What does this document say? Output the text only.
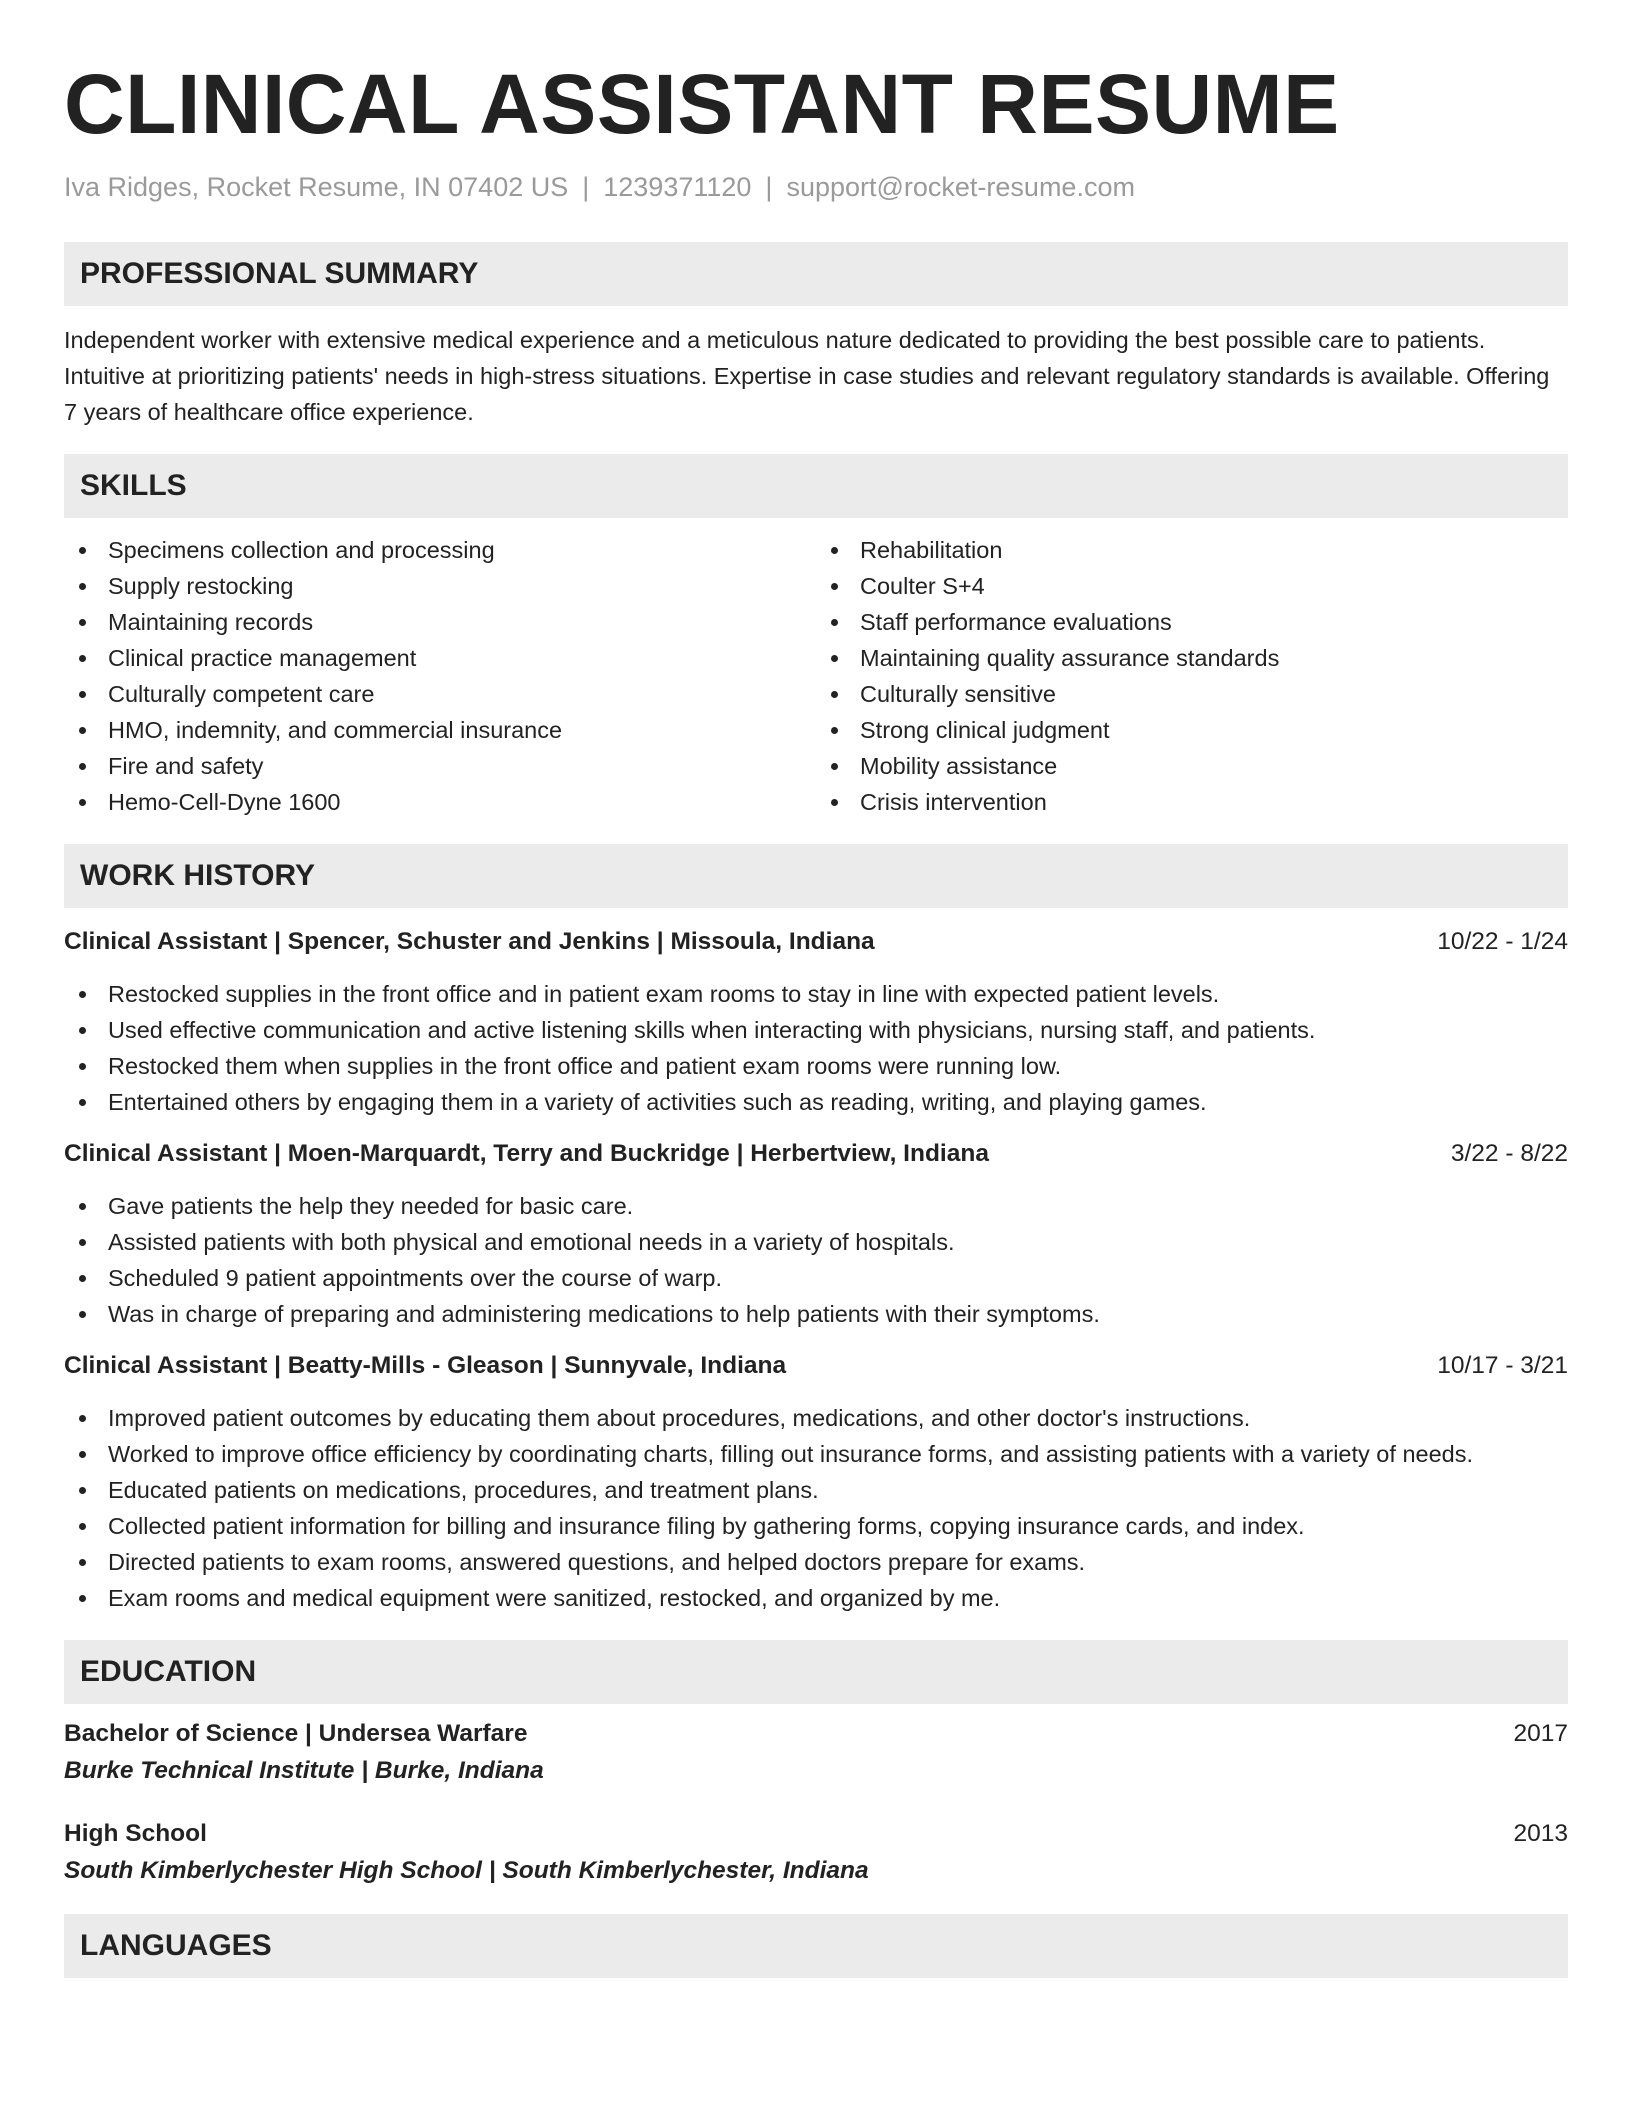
CLINICAL ASSISTANT RESUME
Iva Ridges, Rocket Resume, IN 07402 US | 1239371120 | support@rocket-resume.com
PROFESSIONAL SUMMARY

Independent worker with extensive medical experience and a meticulous nature dedicated to providing the best possible care to patients. Intuitive at prioritizing patients' needs in high-stress situations. Expertise in case studies and relevant regulatory standards is available. Offering 7 years of healthcare office experience.

SKILLS
Specimens collection and processing
Supply restocking
Maintaining records
Clinical practice management
Culturally competent care
HMO, indemnity, and commercial insurance
Fire and safety
Hemo-Cell-Dyne 1600
Rehabilitation
Coulter S+4
Staff performance evaluations
Maintaining quality assurance standards
Culturally sensitive
Strong clinical judgment
Mobility assistance
Crisis intervention
WORK HISTORY
Clinical Assistant | Spencer, Schuster and Jenkins | Missoula, Indiana	10/22 - 1/24
Restocked supplies in the front office and in patient exam rooms to stay in line with expected patient levels.
Used effective communication and active listening skills when interacting with physicians, nursing staff, and patients.
Restocked them when supplies in the front office and patient exam rooms were running low.
Entertained others by engaging them in a variety of activities such as reading, writing, and playing games.
Clinical Assistant | Moen-Marquardt, Terry and Buckridge | Herbertview, Indiana	3/22 - 8/22
Gave patients the help they needed for basic care.
Assisted patients with both physical and emotional needs in a variety of hospitals.
Scheduled 9 patient appointments over the course of warp.
Was in charge of preparing and administering medications to help patients with their symptoms.
Clinical Assistant | Beatty-Mills - Gleason | Sunnyvale, Indiana	10/17 - 3/21
Improved patient outcomes by educating them about procedures, medications, and other doctor's instructions.
Worked to improve office efficiency by coordinating charts, filling out insurance forms, and assisting patients with a variety of needs.
Educated patients on medications, procedures, and treatment plans.
Collected patient information for billing and insurance filing by gathering forms, copying insurance cards, and index.
Directed patients to exam rooms, answered questions, and helped doctors prepare for exams.
Exam rooms and medical equipment were sanitized, restocked, and organized by me.
EDUCATION
Bachelor of Science | Undersea Warfare	2017
Burke Technical Institute | Burke, Indiana
High School	2013
South Kimberlychester High School | South Kimberlychester, Indiana
LANGUAGES
